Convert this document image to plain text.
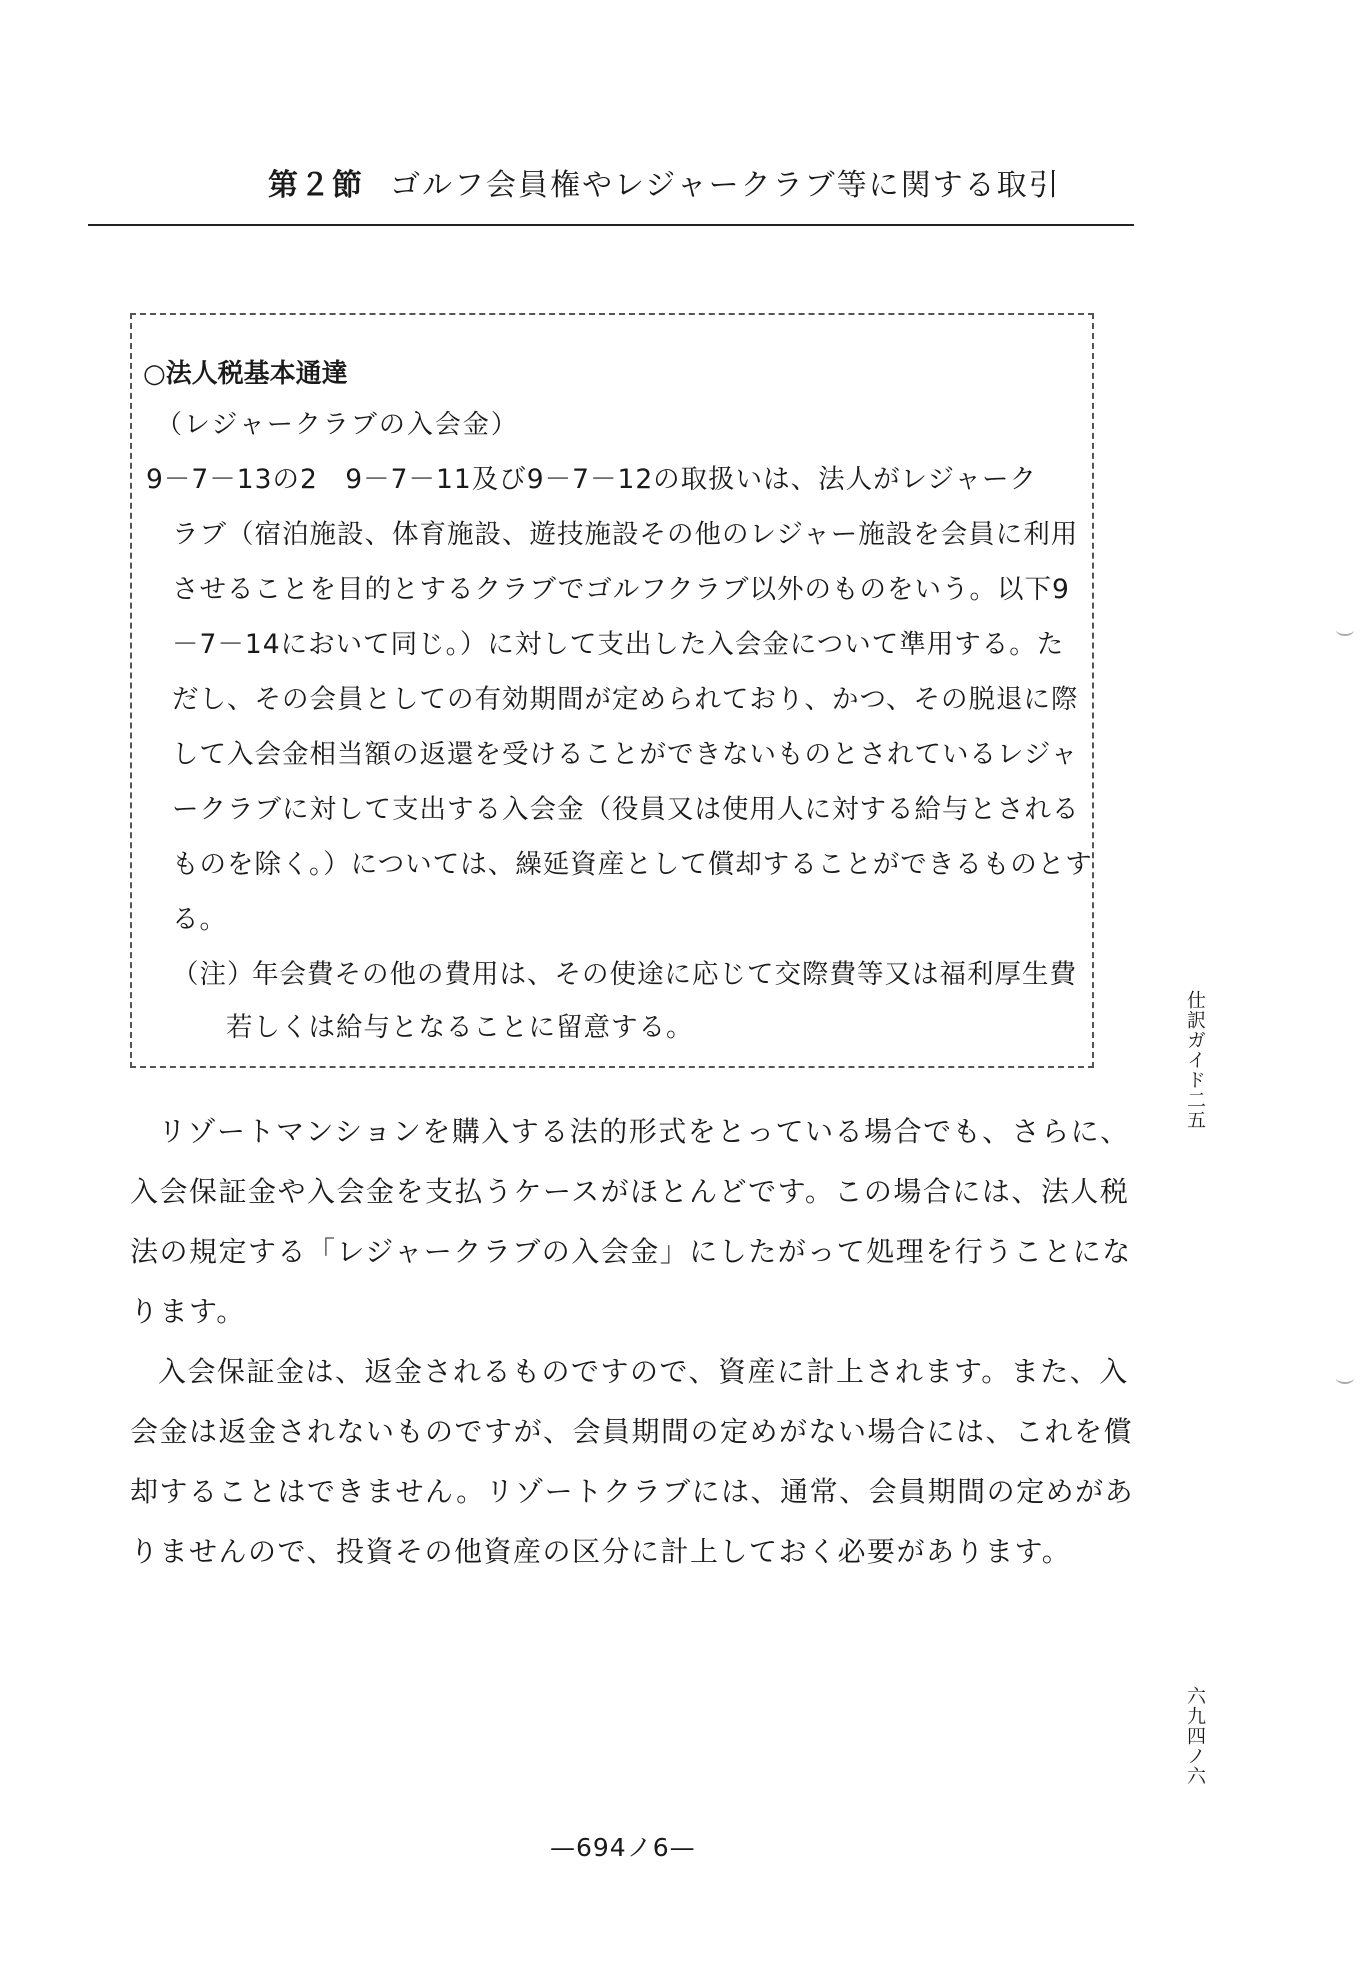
第２節 ゴルフ会員権やレジャークラブ等に関する取引
○法人税基本通達
（レジャークラブの入会金）
9－7－13の2　9－7－11及び9－7－12の取扱いは、法人がレジャーク
ラブ（宿泊施設、体育施設、遊技施設その他のレジャー施設を会員に利用
させることを目的とするクラブでゴルフクラブ以外のものをいう。以下9
－7－14において同じ。）に対して支出した入会金について準用する。た
だし、その会員としての有効期間が定められており、かつ、その脱退に際
して入会金相当額の返還を受けることができないものとされているレジャ
ークラブに対して支出する入会金（役員又は使用人に対する給与とされる
ものを除く。）については、繰延資産として償却することができるものとす
る。
（注）年会費その他の費用は、その使途に応じて交際費等又は福利厚生費
若しくは給与となることに留意する。
リゾートマンションを購入する法的形式をとっている場合でも、さらに、
入会保証金や入会金を支払うケースがほとんどです。この場合には、法人税
法の規定する「レジャークラブの入会金」にしたがって処理を行うことにな
ります。
入会保証金は、返金されるものですので、資産に計上されます。また、入
会金は返金されないものですが、会員期間の定めがない場合には、これを償
却することはできません。リゾートクラブには、通常、会員期間の定めがあ
りませんので、投資その他資産の区分に計上しておく必要があります。
仕訳ガイド二五
六九四ノ六
—694ノ6—
